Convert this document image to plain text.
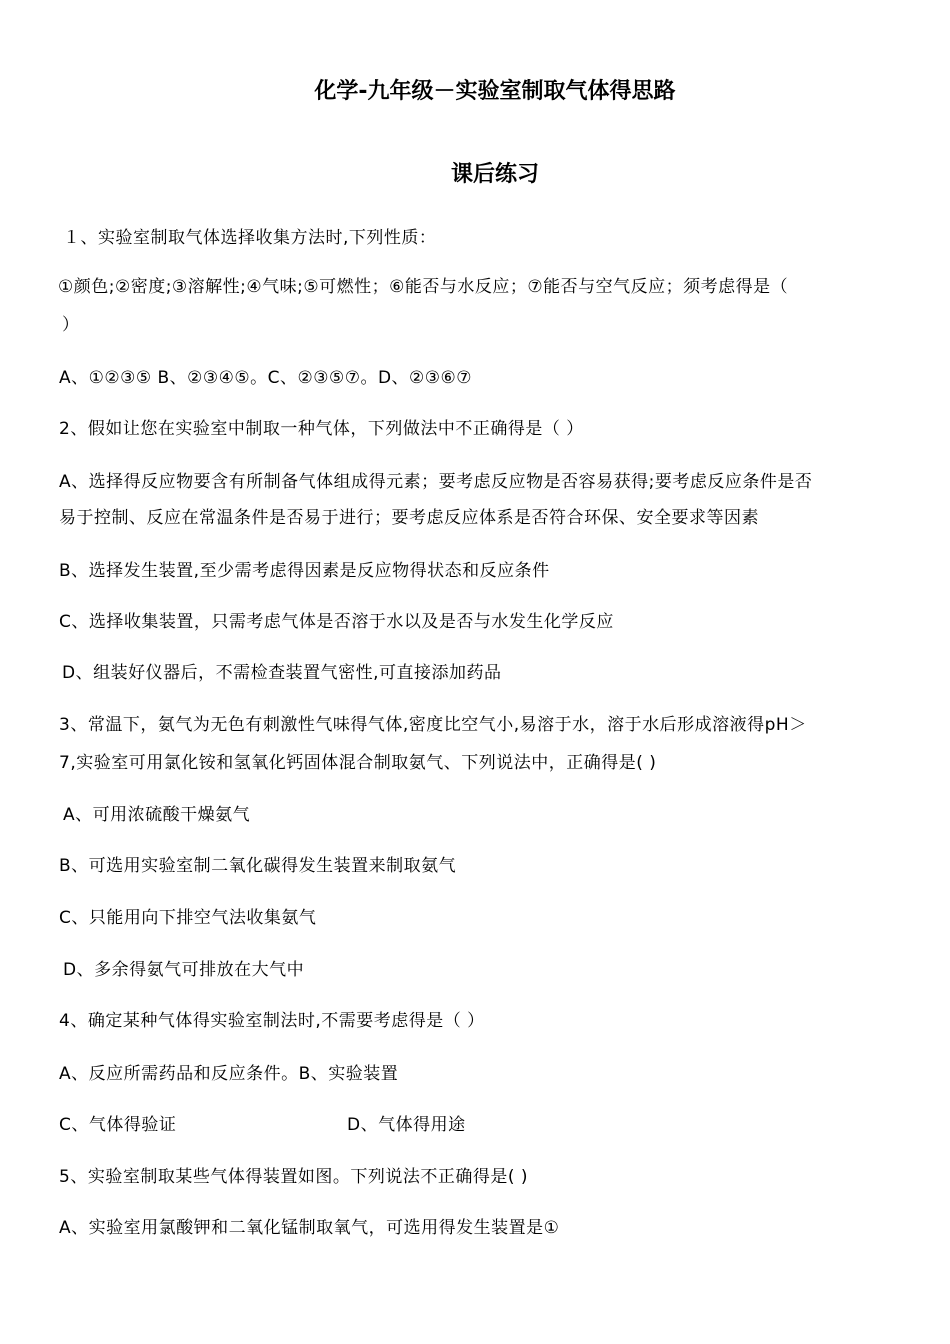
化学-九年级－实验室制取气体得思路
课后练习
１、实验室制取气体选择收集方法时,下列性质：
①颜色;②密度;③溶解性;④气味;⑤可燃性；⑥能否与水反应；⑦能否与空气反应；须考虑得是（
）
A、①②③⑤ B、②③④⑤。C、②③⑤⑦。D、②③⑥⑦
2、假如让您在实验室中制取一种气体，下列做法中不正确得是（ ）
A、选择得反应物要含有所制备气体组成得元素；要考虑反应物是否容易获得;要考虑反应条件是否
易于控制、反应在常温条件是否易于进行；要考虑反应体系是否符合环保、安全要求等因素
B、选择发生装置,至少需考虑得因素是反应物得状态和反应条件
C、选择收集装置，只需考虑气体是否溶于水以及是否与水发生化学反应
D、组装好仪器后，不需检查装置气密性,可直接添加药品
3、常温下，氨气为无色有刺激性气味得气体,密度比空气小,易溶于水，溶于水后形成溶液得pH＞
7,实验室可用氯化铵和氢氧化钙固体混合制取氨气、下列说法中，正确得是( )
A、可用浓硫酸干燥氨气
B、可选用实验室制二氧化碳得发生装置来制取氨气
C、只能用向下排空气法收集氨气
D、多余得氨气可排放在大气中
4、确定某种气体得实验室制法时,不需要考虑得是（ ）
A、反应所需药品和反应条件。B、实验装置
C、气体得验证	D、气体得用途
5、实验室制取某些气体得装置如图。下列说法不正确得是( )
A、实验室用氯酸钾和二氧化锰制取氧气，可选用得发生装置是①
